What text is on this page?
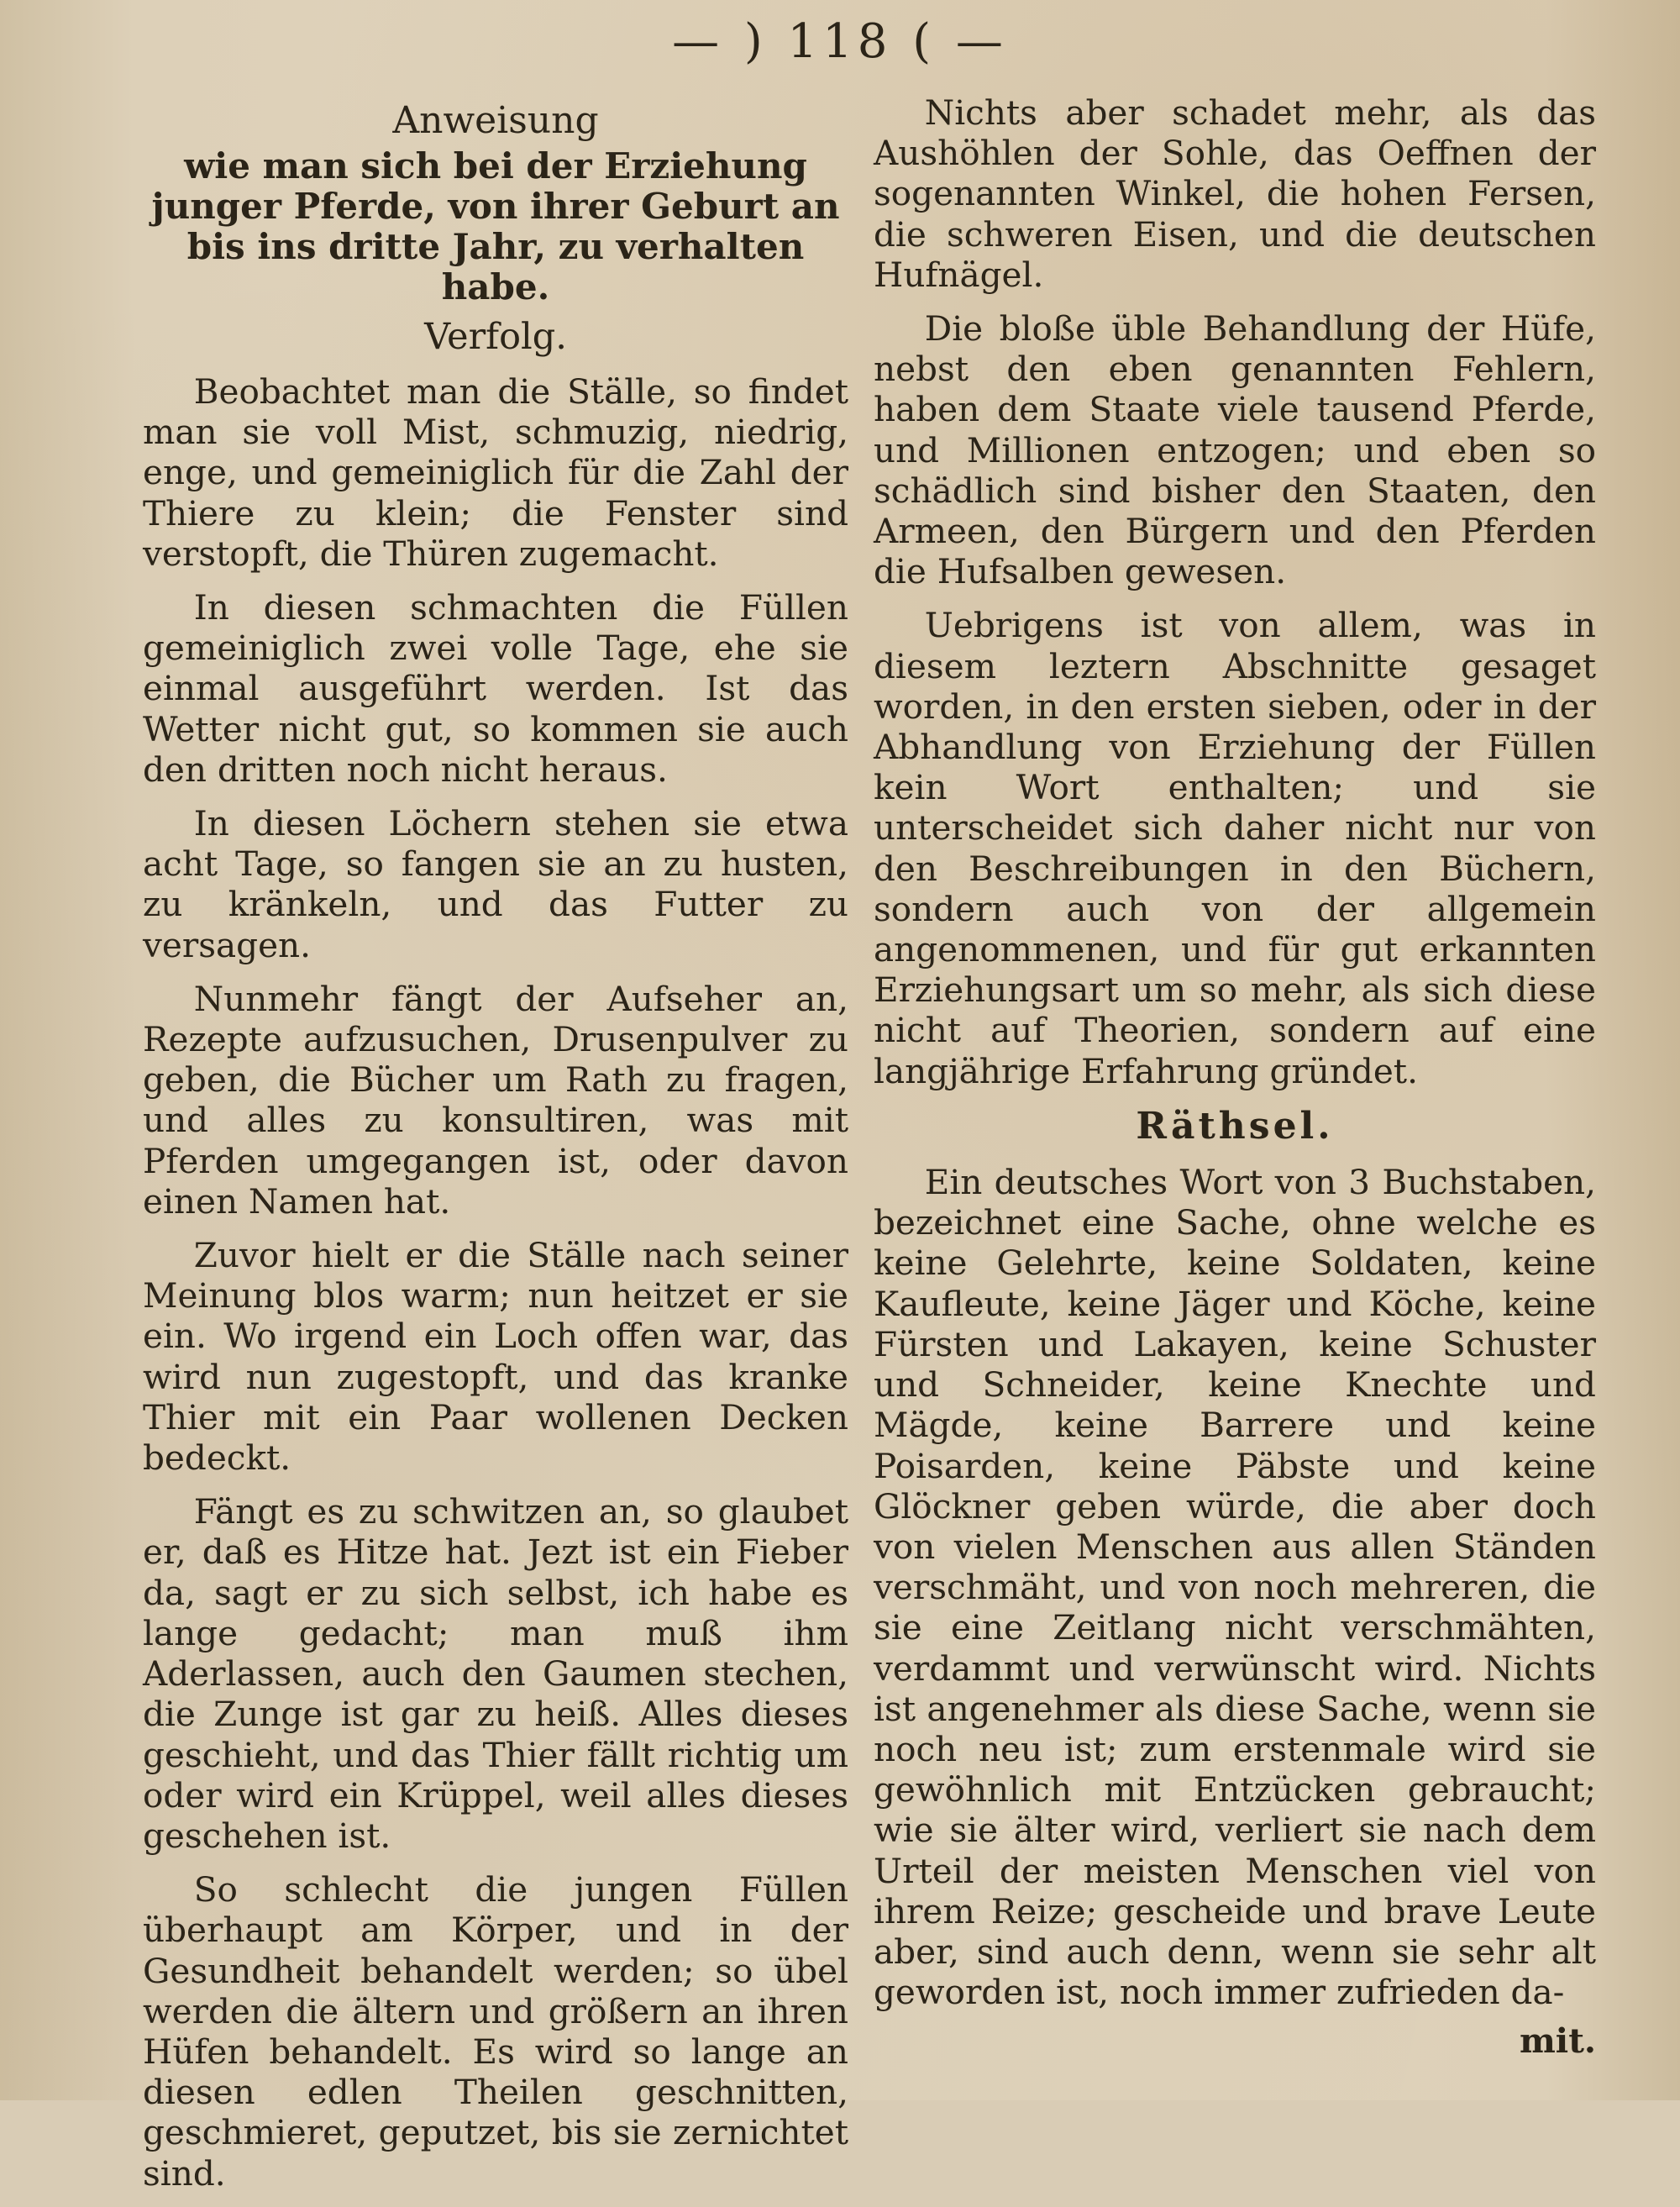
— ) 118 ( —
Anweisung
wie man sich bei der Erziehung junger Pferde, von ihrer Geburt an bis ins dritte Jahr, zu verhalten habe.
Verfolg.

Beobachtet man die Ställe, so findet man sie voll Mist, schmuzig, niedrig, enge, und gemeiniglich für die Zahl der Thiere zu klein; die Fenster sind verstopft, die Thüren zugemacht.

In diesen schmachten die Füllen gemeiniglich zwei volle Tage, ehe sie einmal ausgeführt werden. Ist das Wetter nicht gut, so kommen sie auch den dritten noch nicht heraus.

In diesen Löchern stehen sie etwa acht Tage, so fangen sie an zu husten, zu kränkeln, und das Futter zu versagen.

Nunmehr fängt der Aufseher an, Rezepte aufzusuchen, Drusenpulver zu geben, die Bücher um Rath zu fragen, und alles zu konsultiren, was mit Pferden umgegangen ist, oder davon einen Namen hat.

Zuvor hielt er die Ställe nach seiner Meinung blos warm; nun heitzet er sie ein. Wo irgend ein Loch offen war, das wird nun zugestopft, und das kranke Thier mit ein Paar wollenen Decken bedeckt.

Fängt es zu schwitzen an, so glaubet er, daß es Hitze hat. Jezt ist ein Fieber da, sagt er zu sich selbst, ich habe es lange gedacht; man muß ihm Aderlassen, auch den Gaumen stechen, die Zunge ist gar zu heiß. Alles dieses geschieht, und das Thier fällt richtig um oder wird ein Krüppel, weil alles dieses geschehen ist.

So schlecht die jungen Füllen überhaupt am Körper, und in der Gesundheit behandelt werden; so übel werden die ältern und größern an ihren Hüfen behandelt. Es wird so lange an diesen edlen Theilen geschnitten, geschmieret, geputzet, bis sie zernichtet sind.

Nichts aber schadet mehr, als das Aushöhlen der Sohle, das Oeffnen der sogenannten Winkel, die hohen Fersen, die schweren Eisen, und die deutschen Hufnägel.

Die bloße üble Behandlung der Hüfe, nebst den eben genannten Fehlern, haben dem Staate viele tausend Pferde, und Millionen entzogen; und eben so schädlich sind bisher den Staaten, den Armeen, den Bürgern und den Pferden die Hufsalben gewesen.

Uebrigens ist von allem, was in diesem leztern Abschnitte gesaget worden, in den ersten sieben, oder in der Abhandlung von Erziehung der Füllen kein Wort enthalten; und sie unterscheidet sich daher nicht nur von den Beschreibungen in den Büchern, sondern auch von der allgemein angenommenen, und für gut erkannten Erziehungsart um so mehr, als sich diese nicht auf Theorien, sondern auf eine langjährige Erfahrung gründet.

Räthsel.

Ein deutsches Wort von 3 Buchstaben, bezeichnet eine Sache, ohne welche es keine Gelehrte, keine Soldaten, keine Kaufleute, keine Jäger und Köche, keine Fürsten und Lakayen, keine Schuster und Schneider, keine Knechte und Mägde, keine Barrere und keine Poisarden, keine Päbste und keine Glöckner geben würde, die aber doch von vielen Menschen aus allen Ständen verschmäht, und von noch mehreren, die sie eine Zeitlang nicht verschmähten, verdammt und verwünscht wird. Nichts ist angenehmer als diese Sache, wenn sie noch neu ist; zum erstenmale wird sie gewöhnlich mit Entzücken gebraucht; wie sie älter wird, verliert sie nach dem Urteil der meisten Menschen viel von ihrem Reize; gescheide und brave Leute aber, sind auch denn, wenn sie sehr alt geworden ist, noch immer zufrieden da-

mit.
